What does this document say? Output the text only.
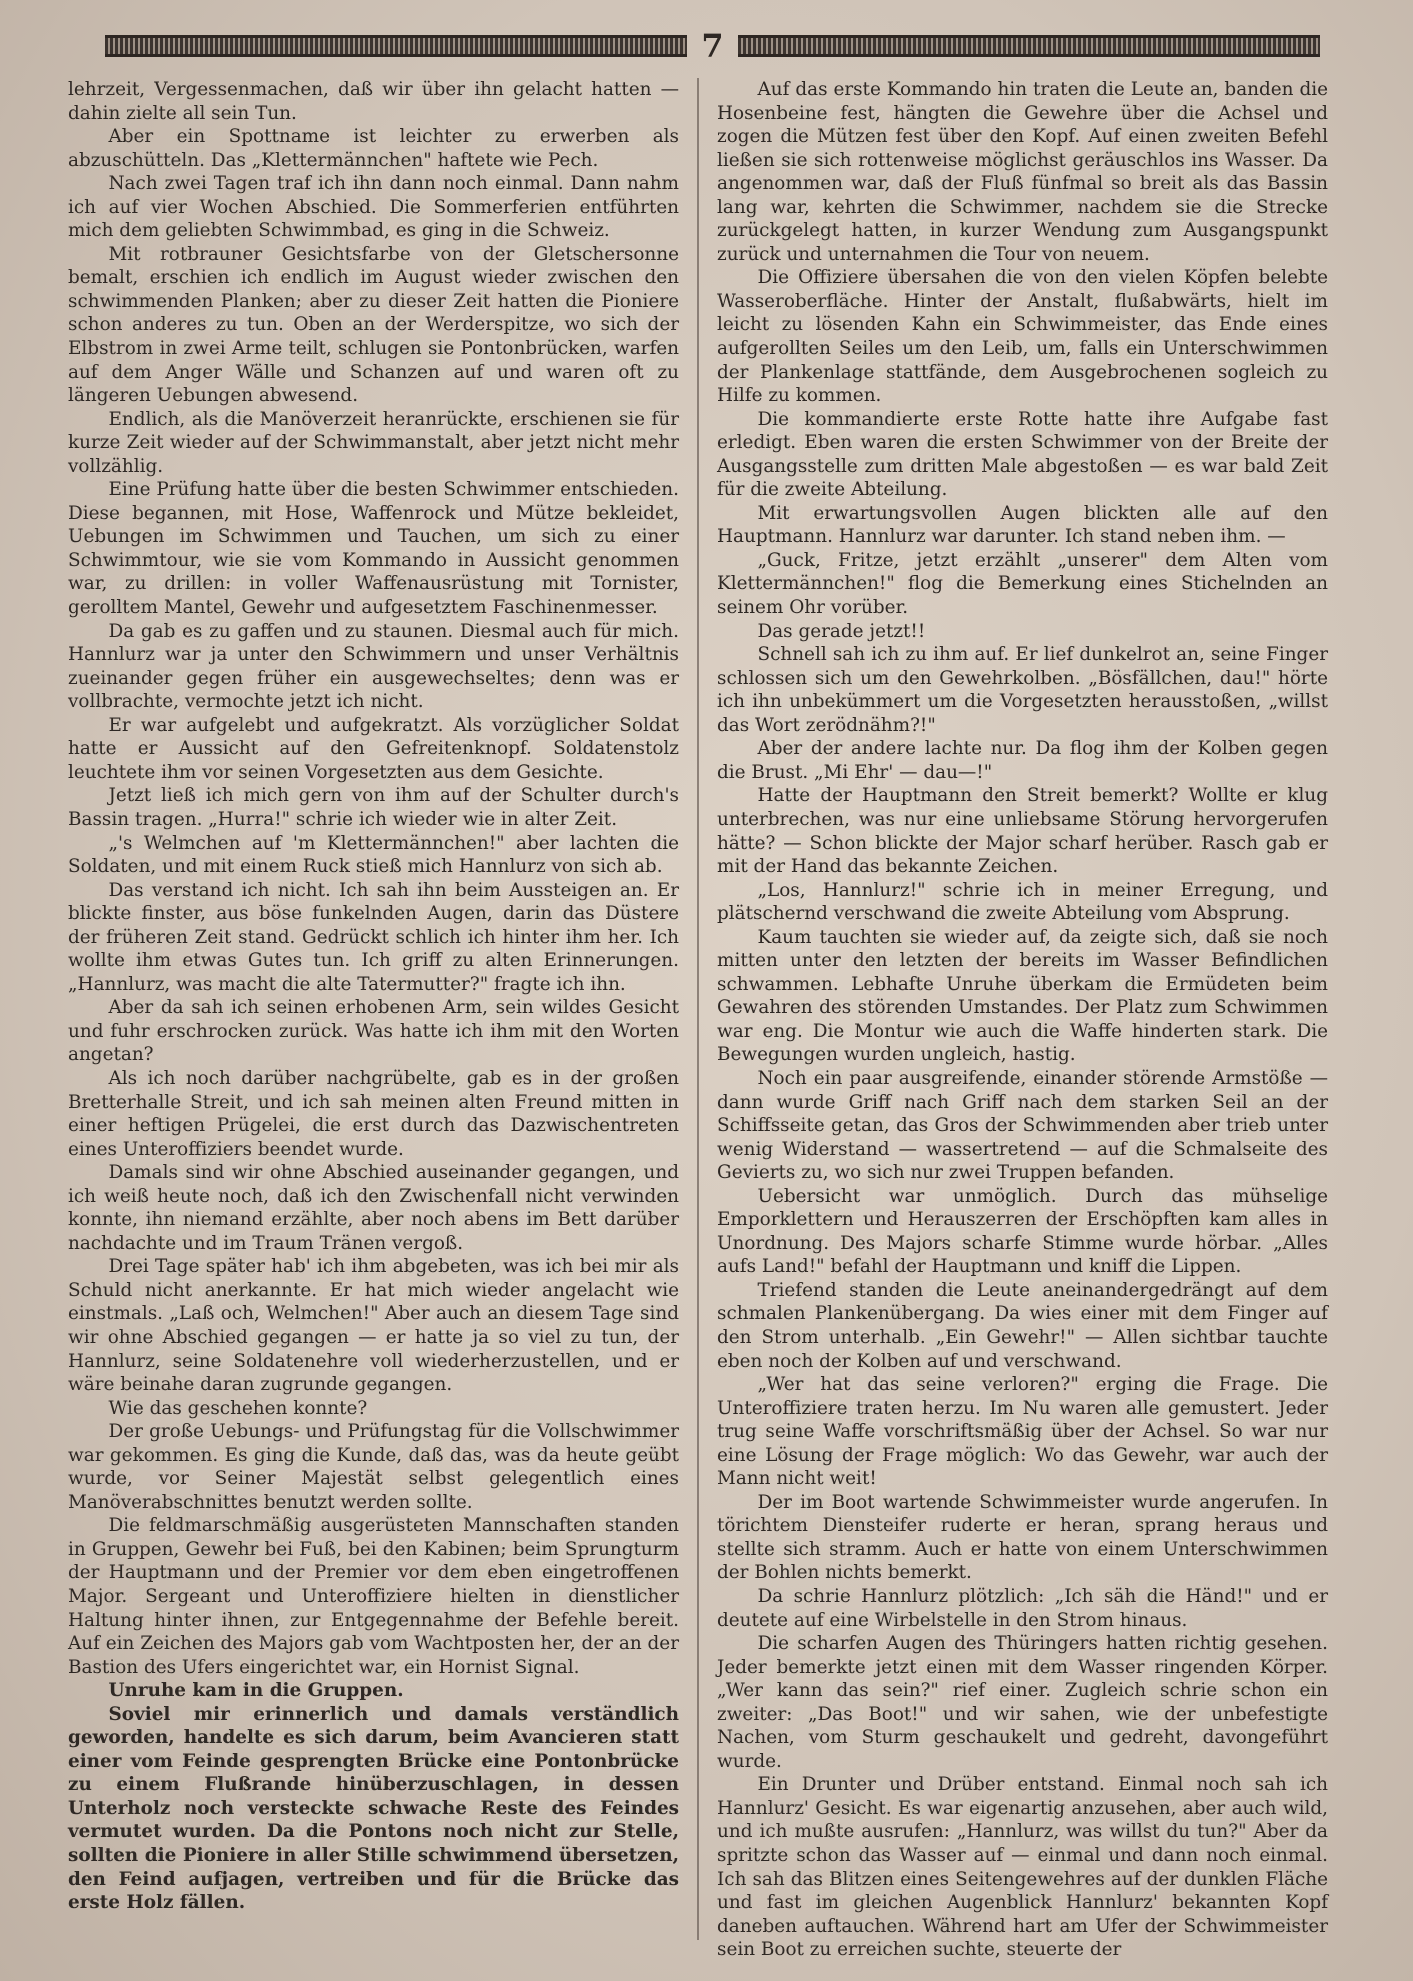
7

lehrzeit, Vergessenmachen, daß wir über ihn gelacht hatten — dahin zielte all sein Tun.

Aber ein Spottname ist leichter zu erwerben als abzuschütteln. Das „Klettermännchen" haftete wie Pech.

Nach zwei Tagen traf ich ihn dann noch einmal. Dann nahm ich auf vier Wochen Abschied. Die Sommerferien entführten mich dem geliebten Schwimmbad, es ging in die Schweiz.

Mit rotbrauner Gesichtsfarbe von der Gletschersonne bemalt, erschien ich endlich im August wieder zwischen den schwimmenden Planken; aber zu dieser Zeit hatten die Pioniere schon anderes zu tun. Oben an der Werderspitze, wo sich der Elbstrom in zwei Arme teilt, schlugen sie Pontonbrücken, warfen auf dem Anger Wälle und Schanzen auf und waren oft zu längeren Uebungen abwesend.

Endlich, als die Manöverzeit heranrückte, erschienen sie für kurze Zeit wieder auf der Schwimmanstalt, aber jetzt nicht mehr vollzählig.

Eine Prüfung hatte über die besten Schwimmer entschieden. Diese begannen, mit Hose, Waffenrock und Mütze bekleidet, Uebungen im Schwimmen und Tauchen, um sich zu einer Schwimmtour, wie sie vom Kommando in Aussicht genommen war, zu drillen: in voller Waffenausrüstung mit Tornister, gerolltem Mantel, Gewehr und aufgesetztem Faschinenmesser.

Da gab es zu gaffen und zu staunen. Diesmal auch für mich. Hannlurz war ja unter den Schwimmern und unser Verhältnis zueinander gegen früher ein ausgewechseltes; denn was er vollbrachte, vermochte jetzt ich nicht.

Er war aufgelebt und aufgekratzt. Als vorzüglicher Soldat hatte er Aussicht auf den Gefreitenknopf. Soldatenstolz leuchtete ihm vor seinen Vorgesetzten aus dem Gesichte.

Jetzt ließ ich mich gern von ihm auf der Schulter durch's Bassin tragen. „Hurra!" schrie ich wieder wie in alter Zeit.

„'s Welmchen auf 'm Klettermännchen!" aber lachten die Soldaten, und mit einem Ruck stieß mich Hannlurz von sich ab.

Das verstand ich nicht. Ich sah ihn beim Aussteigen an. Er blickte finster, aus böse funkelnden Augen, darin das Düstere der früheren Zeit stand. Gedrückt schlich ich hinter ihm her. Ich wollte ihm etwas Gutes tun. Ich griff zu alten Erinnerungen. „Hannlurz, was macht die alte Tatermutter?" fragte ich ihn.

Aber da sah ich seinen erhobenen Arm, sein wildes Gesicht und fuhr erschrocken zurück. Was hatte ich ihm mit den Worten angetan?

Als ich noch darüber nachgrübelte, gab es in der großen Bretterhalle Streit, und ich sah meinen alten Freund mitten in einer heftigen Prügelei, die erst durch das Dazwischentreten eines Unteroffiziers beendet wurde.

Damals sind wir ohne Abschied auseinander gegangen, und ich weiß heute noch, daß ich den Zwischenfall nicht verwinden konnte, ihn niemand erzählte, aber noch abens im Bett darüber nachdachte und im Traum Tränen vergoß.

Drei Tage später hab' ich ihm abgebeten, was ich bei mir als Schuld nicht anerkannte. Er hat mich wieder angelacht wie einstmals. „Laß och, Welmchen!" Aber auch an diesem Tage sind wir ohne Abschied gegangen — er hatte ja so viel zu tun, der Hannlurz, seine Soldatenehre voll wiederherzustellen, und er wäre beinahe daran zugrunde gegangen.

Wie das geschehen konnte?

Der große Uebungs- und Prüfungstag für die Vollschwimmer war gekommen. Es ging die Kunde, daß das, was da heute geübt wurde, vor Seiner Majestät selbst gelegentlich eines Manöverabschnittes benutzt werden sollte.

Die feldmarschmäßig ausgerüsteten Mannschaften standen in Gruppen, Gewehr bei Fuß, bei den Kabinen; beim Sprungturm der Hauptmann und der Premier vor dem eben eingetroffenen Major. Sergeant und Unteroffiziere hielten in dienstlicher Haltung hinter ihnen, zur Entgegennahme der Befehle bereit. Auf ein Zeichen des Majors gab vom Wachtposten her, der an der Bastion des Ufers eingerichtet war, ein Hornist Signal.

Unruhe kam in die Gruppen.

Soviel mir erinnerlich und damals verständlich geworden, handelte es sich darum, beim Avancieren statt einer vom Feinde gesprengten Brücke eine Pontonbrücke zu einem Flußrande hinüberzuschlagen, in dessen Unterholz noch versteckte schwache Reste des Feindes vermutet wurden. Da die Pontons noch nicht zur Stelle, sollten die Pioniere in aller Stille schwimmend übersetzen, den Feind aufjagen, vertreiben und für die Brücke das erste Holz fällen.

Auf das erste Kommando hin traten die Leute an, banden die Hosenbeine fest, hängten die Gewehre über die Achsel und zogen die Mützen fest über den Kopf. Auf einen zweiten Befehl ließen sie sich rottenweise möglichst geräuschlos ins Wasser. Da angenommen war, daß der Fluß fünfmal so breit als das Bassin lang war, kehrten die Schwimmer, nachdem sie die Strecke zurückgelegt hatten, in kurzer Wendung zum Ausgangspunkt zurück und unternahmen die Tour von neuem.

Die Offiziere übersahen die von den vielen Köpfen belebte Wasseroberfläche. Hinter der Anstalt, flußabwärts, hielt im leicht zu lösenden Kahn ein Schwimmeister, das Ende eines aufgerollten Seiles um den Leib, um, falls ein Unterschwimmen der Plankenlage stattfände, dem Ausgebrochenen sogleich zu Hilfe zu kommen.

Die kommandierte erste Rotte hatte ihre Aufgabe fast erledigt. Eben waren die ersten Schwimmer von der Breite der Ausgangsstelle zum dritten Male abgestoßen — es war bald Zeit für die zweite Abteilung.

Mit erwartungsvollen Augen blickten alle auf den Hauptmann. Hannlurz war darunter. Ich stand neben ihm. —

„Guck, Fritze, jetzt erzählt „unserer" dem Alten vom Klettermännchen!" flog die Bemerkung eines Stichelnden an seinem Ohr vorüber.

Das gerade jetzt!!

Schnell sah ich zu ihm auf. Er lief dunkelrot an, seine Finger schlossen sich um den Gewehrkolben. „Bösfällchen, dau!" hörte ich ihn unbekümmert um die Vorgesetzten herausstoßen, „willst das Wort zerödnähm?!"

Aber der andere lachte nur. Da flog ihm der Kolben gegen die Brust. „Mi Ehr' — dau—!"

Hatte der Hauptmann den Streit bemerkt? Wollte er klug unterbrechen, was nur eine unliebsame Störung hervorgerufen hätte? — Schon blickte der Major scharf herüber. Rasch gab er mit der Hand das bekannte Zeichen.

„Los, Hannlurz!" schrie ich in meiner Erregung, und plätschernd verschwand die zweite Abteilung vom Absprung.

Kaum tauchten sie wieder auf, da zeigte sich, daß sie noch mitten unter den letzten der bereits im Wasser Befindlichen schwammen. Lebhafte Unruhe überkam die Ermüdeten beim Gewahren des störenden Umstandes. Der Platz zum Schwimmen war eng. Die Montur wie auch die Waffe hinderten stark. Die Bewegungen wurden ungleich, hastig.

Noch ein paar ausgreifende, einander störende Armstöße — dann wurde Griff nach Griff nach dem starken Seil an der Schiffsseite getan, das Gros der Schwimmenden aber trieb unter wenig Widerstand — wassertretend — auf die Schmalseite des Gevierts zu, wo sich nur zwei Truppen befanden.

Uebersicht war unmöglich. Durch das mühselige Emporklettern und Herauszerren der Erschöpften kam alles in Unordnung. Des Majors scharfe Stimme wurde hörbar. „Alles aufs Land!" befahl der Hauptmann und kniff die Lippen.

Triefend standen die Leute aneinandergedrängt auf dem schmalen Plankenübergang. Da wies einer mit dem Finger auf den Strom unterhalb. „Ein Gewehr!" — Allen sichtbar tauchte eben noch der Kolben auf und verschwand.

„Wer hat das seine verloren?" erging die Frage. Die Unteroffiziere traten herzu. Im Nu waren alle gemustert. Jeder trug seine Waffe vorschriftsmäßig über der Achsel. So war nur eine Lösung der Frage möglich: Wo das Gewehr, war auch der Mann nicht weit!

Der im Boot wartende Schwimmeister wurde angerufen. In törichtem Diensteifer ruderte er heran, sprang heraus und stellte sich stramm. Auch er hatte von einem Unterschwimmen der Bohlen nichts bemerkt.

Da schrie Hannlurz plötzlich: „Ich säh die Händ!" und er deutete auf eine Wirbelstelle in den Strom hinaus.

Die scharfen Augen des Thüringers hatten richtig gesehen. Jeder bemerkte jetzt einen mit dem Wasser ringenden Körper. „Wer kann das sein?" rief einer. Zugleich schrie schon ein zweiter: „Das Boot!" und wir sahen, wie der unbefestigte Nachen, vom Sturm geschaukelt und gedreht, davongeführt wurde.

Ein Drunter und Drüber entstand. Einmal noch sah ich Hannlurz' Gesicht. Es war eigenartig anzusehen, aber auch wild, und ich mußte ausrufen: „Hannlurz, was willst du tun?" Aber da spritzte schon das Wasser auf — einmal und dann noch einmal. Ich sah das Blitzen eines Seitengewehres auf der dunklen Fläche und fast im gleichen Augenblick Hannlurz' bekannten Kopf daneben auftauchen. Während hart am Ufer der Schwimmeister sein Boot zu erreichen suchte, steuerte der
